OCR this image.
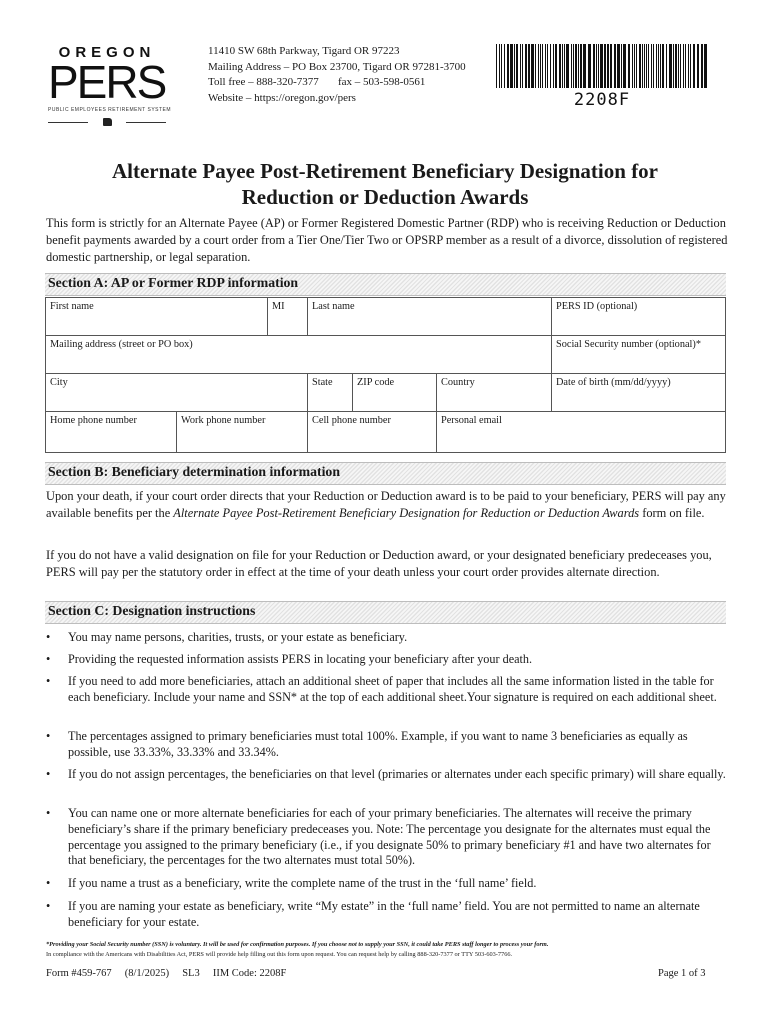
OREGON
PERS
PUBLIC EMPLOYEES RETIREMENT SYSTEM
11410 SW 68th Parkway, Tigard OR 97223
Mailing Address – PO Box 23700, Tigard OR 97281-3700
Toll free – 888-320-7377       fax – 503-598-0561
Website – https://oregon.gov/pers	2208F
Alternate Payee Post-Retirement Beneficiary Designation for
Reduction or Deduction Awards
This form is strictly for an Alternate Payee (AP) or Former Registered Domestic Partner (RDP) who is receiving Reduction or Deduction benefit payments awarded by a court order from a Tier One/Tier Two or OPSRP member as a result of a divorce, dissolution of registered domestic partnership, or legal separation.
Section A: AP or Former RDP information
First name	MI	Last name	PERS ID (optional)
Mailing address (street or PO box)	Social Security number (optional)*
City	State	ZIP code	Country	Date of birth (mm/dd/yyyy)
Home phone number	Work phone number	Cell phone number	Personal email
Section B: Beneficiary determination information
Upon your death, if your court order directs that your Reduction or Deduction award is to be paid to your beneficiary, PERS will pay any available benefits per the Alternate Payee Post-Retirement Beneficiary Designation for Reduction or Deduction Awards form on file.
If you do not have a valid designation on file for your Reduction or Deduction award, or your designated beneficiary predeceases you, PERS will pay per the statutory order in effect at the time of your death unless your court order provides alternate direction.
Section C: Designation instructions
•	You may name persons, charities, trusts, or your estate as beneficiary.
•	Providing the requested information assists PERS in locating your beneficiary after your death.
•	If you need to add more beneficiaries, attach an additional sheet of paper that includes all the same information listed in the table for each beneficiary. Include your name and SSN* at the top of each additional sheet.Your signature is required on each additional sheet.
•	The percentages assigned to primary beneficiaries must total 100%. Example, if you want to name 3 beneficiaries as equally as possible, use 33.33%, 33.33% and 33.34%.
•	If you do not assign percentages, the beneficiaries on that level (primaries or alternates under each specific primary) will share equally.
•	You can name one or more alternate beneficiaries for each of your primary beneficiaries. The alternates will receive the primary beneficiary’s share if the primary beneficiary predeceases you. Note: The percentage you designate for the alternates must equal the percentage you assigned to the primary beneficiary (i.e., if you designate 50% to primary beneficiary #1 and have two alternates for that beneficiary, the percentages for the two alternates must total 50%).
•	If you name a trust as a beneficiary, write the complete name of the trust in the ‘full name’ field.
•	If you are naming your estate as beneficiary, write “My estate” in the ‘full name’ field. You are not permitted to name an alternate beneficiary for your estate.
*Providing your Social Security number (SSN) is voluntary. It will be used for confirmation purposes. If you choose not to supply your SSN, it could take PERS staff longer to process your form.
In compliance with the Americans with Disabilities Act, PERS will provide help filling out this form upon request. You can request help by calling 888-320-7377 or TTY 503-603-7766.
Form #459-767     (8/1/2025)     SL3     IIM Code: 2208F	Page 1 of 3
